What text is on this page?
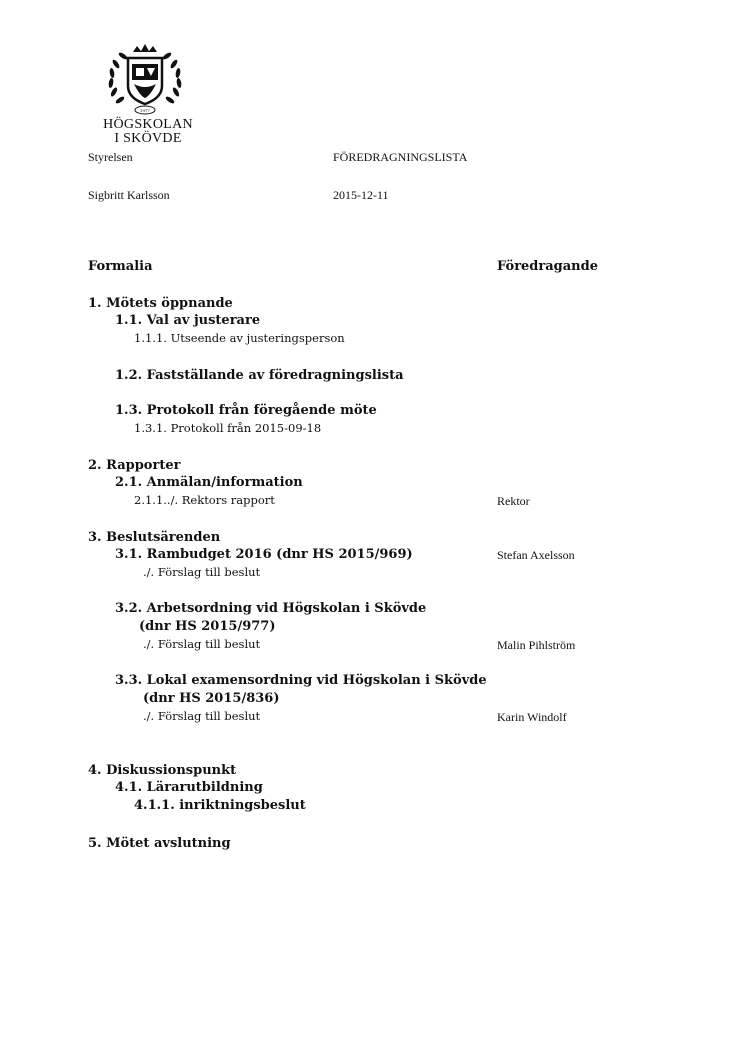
1977
HÖGSKOLAN
I SKÖVDE
Styrelsen	FÖREDRAGNINGSLISTA
Sigbritt Karlsson	2015-12-11
Formalia	Föredragande
1. Mötets öppnande
1.1. Val av justerare
1.1.1. Utseende av justeringsperson
1.2. Fastställande av föredragningslista
1.3. Protokoll från föregående möte
1.3.1. Protokoll från 2015-09-18
2. Rapporter
2.1. Anmälan/information
2.1.1../. Rektors rapport	Rektor
3. Beslutsärenden
3.1. Rambudget 2016 (dnr HS 2015/969)	Stefan Axelsson
./. Förslag till beslut
3.2. Arbetsordning vid Högskolan i Skövde
(dnr HS 2015/977)
./. Förslag till beslut	Malin Pihlström
3.3. Lokal examensordning vid Högskolan i Skövde
(dnr HS 2015/836)
./. Förslag till beslut	Karin Windolf
4. Diskussionspunkt
4.1. Lärarutbildning
4.1.1. inriktningsbeslut
5. Mötet avslutning
